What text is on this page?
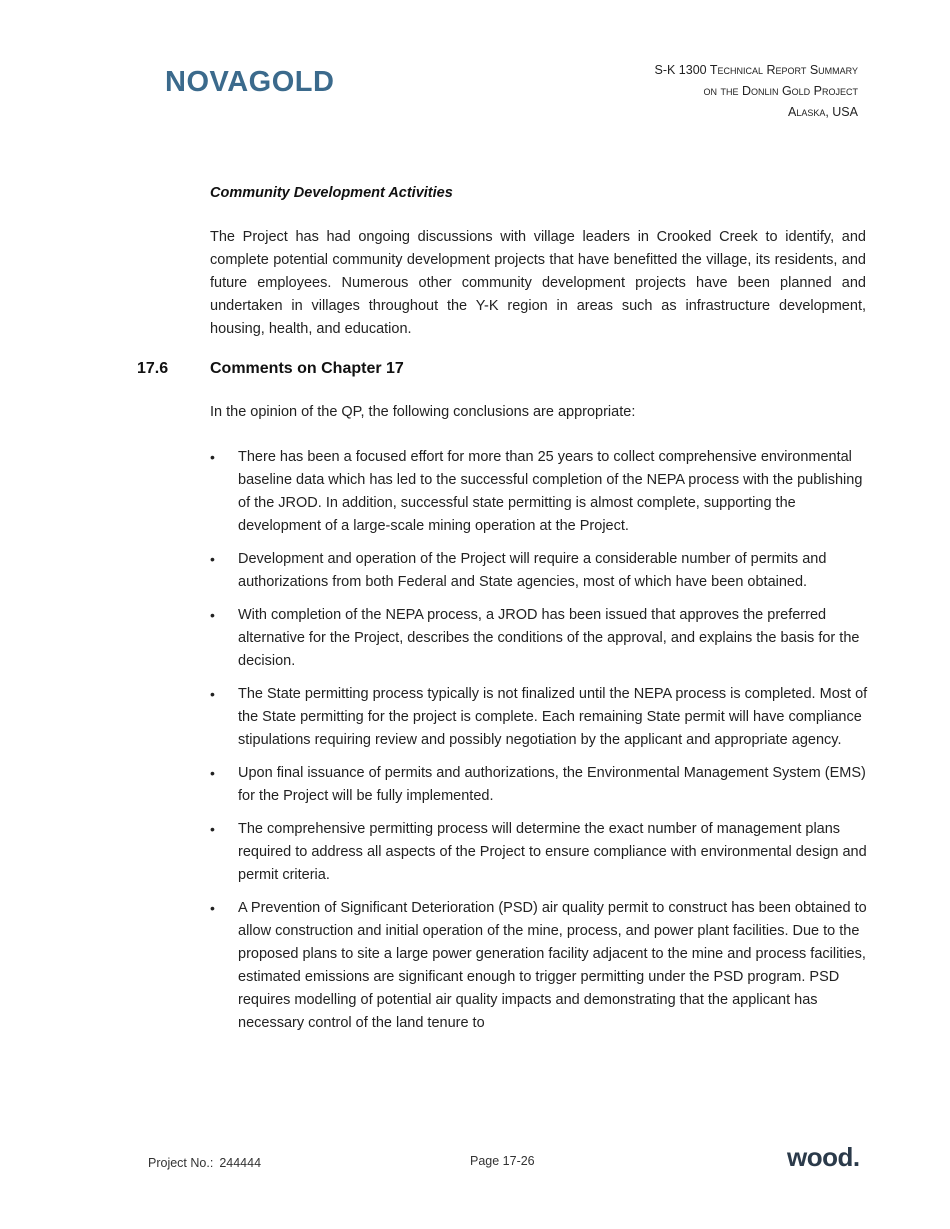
NOVAGOLD	S-K 1300 Technical Report Summary
on the Donlin Gold Project
Alaska, USA
Community Development Activities
The Project has had ongoing discussions with village leaders in Crooked Creek to identify, and complete potential community development projects that have benefitted the village, its residents, and future employees. Numerous other community development projects have been planned and undertaken in villages throughout the Y-K region in areas such as infrastructure development, housing, health, and education.
17.6	Comments on Chapter 17
In the opinion of the QP, the following conclusions are appropriate:
• There has been a focused effort for more than 25 years to collect comprehensive environmental baseline data which has led to the successful completion of the NEPA process with the publishing of the JROD. In addition, successful state permitting is almost complete, supporting the development of a large-scale mining operation at the Project.
• Development and operation of the Project will require a considerable number of permits and authorizations from both Federal and State agencies, most of which have been obtained.
• With completion of the NEPA process, a JROD has been issued that approves the preferred alternative for the Project, describes the conditions of the approval, and explains the basis for the decision.
• The State permitting process typically is not finalized until the NEPA process is completed. Most of the State permitting for the project is complete. Each remaining State permit will have compliance stipulations requiring review and possibly negotiation by the applicant and appropriate agency.
• Upon final issuance of permits and authorizations, the Environmental Management System (EMS) for the Project will be fully implemented.
• The comprehensive permitting process will determine the exact number of management plans required to address all aspects of the Project to ensure compliance with environmental design and permit criteria.
• A Prevention of Significant Deterioration (PSD) air quality permit to construct has been obtained to allow construction and initial operation of the mine, process, and power plant facilities. Due to the proposed plans to site a large power generation facility adjacent to the mine and process facilities, estimated emissions are significant enough to trigger permitting under the PSD program. PSD requires modelling of potential air quality impacts and demonstrating that the applicant has necessary control of the land tenure to
Project No.: 244444	Page 17-26	wood.
